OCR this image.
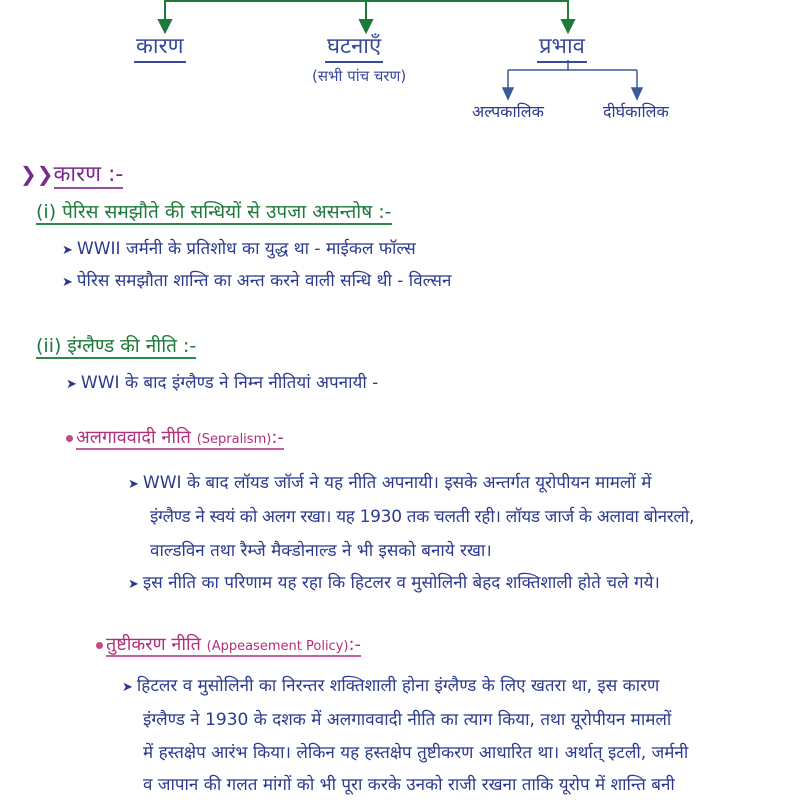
कारण	घटनाएँ
(सभी पांच चरण)
प्रभाव
अल्पकालिक	दीर्घकालिक
❯❯कारण :-
(i) पेरिस समझौते की सन्धियों से उपजा असन्तोष :-
➤ WWII जर्मनी के प्रतिशोध का युद्ध था - माईकल फॉल्स
➤ पेरिस समझौता शान्ति का अन्त करने वाली सन्धि थी - विल्सन
(ii) इंग्लैण्ड की नीति :-
➤ WWI के बाद इंग्लैण्ड ने निम्न नीतियां अपनायी -
अलगाववादी नीति (Sepralism):-
➤ WWI के बाद लॉयड जॉर्ज ने यह नीति अपनायी। इसके अन्तर्गत यूरोपीयन मामलों में
इंग्लैण्ड ने स्वयं को अलग रखा। यह 1930 तक चलती रही। लॉयड जार्ज के अलावा बोनरलो,
वाल्डविन तथा रैम्जे मैक्डोनाल्ड ने भी इसको बनाये रखा।
➤ इस नीति का परिणाम यह रहा कि हिटलर व मुसोलिनी बेहद शक्तिशाली होते चले गये।
तुष्टीकरण नीति (Appeasement Policy):-
➤ हिटलर व मुसोलिनी का निरन्तर शक्तिशाली होना इंग्लैण्ड के लिए खतरा था, इस कारण
इंग्लैण्ड ने 1930 के दशक में अलगाववादी नीति का त्याग किया, तथा यूरोपीयन मामलों
में हस्तक्षेप आरंभ किया। लेकिन यह हस्तक्षेप तुष्टीकरण आधारित था। अर्थात् इटली, जर्मनी
व जापान की गलत मांगों को भी पूरा करके उनको राजी रखना ताकि यूरोप में शान्ति बनी
